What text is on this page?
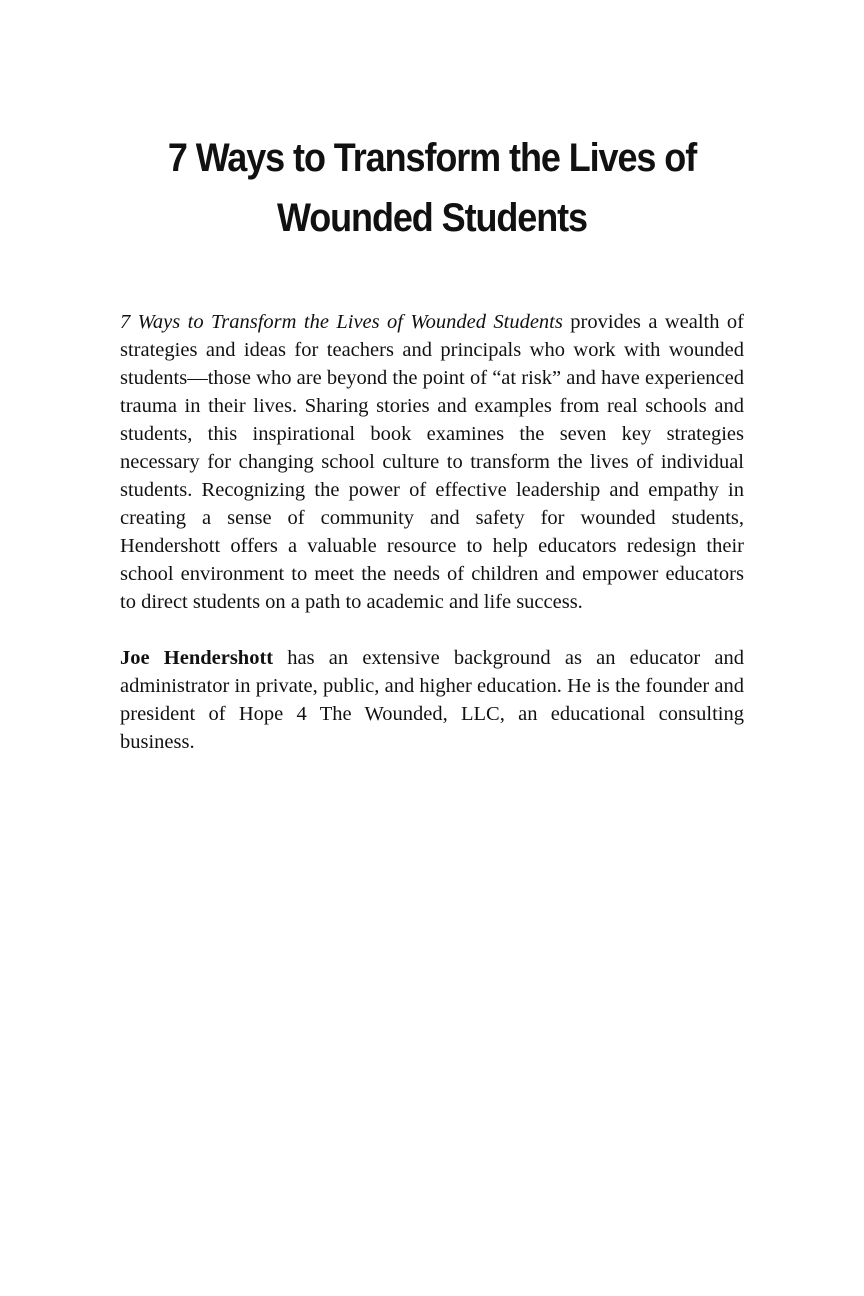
7 Ways to Transform the Lives of
Wounded Students

7 Ways to Transform the Lives of Wounded Students provides a wealth of strategies and ideas for teachers and principals who work with wounded students—those who are beyond the point of “at risk” and have experienced trauma in their lives. Sharing stories and examples from real schools and students, this inspirational book examines the seven key strategies necessary for changing school culture to transform the lives of individual students. Recognizing the power of effective leadership and empathy in creating a sense of community and safety for wounded students, Hendershott offers a valuable resource to help educators redesign their school environment to meet the needs of children and empower educators to direct students on a path to academic and life success.

Joe Hendershott has an extensive background as an educator and administrator in private, public, and higher education. He is the founder and president of Hope 4 The Wounded, LLC, an educational consulting business.
